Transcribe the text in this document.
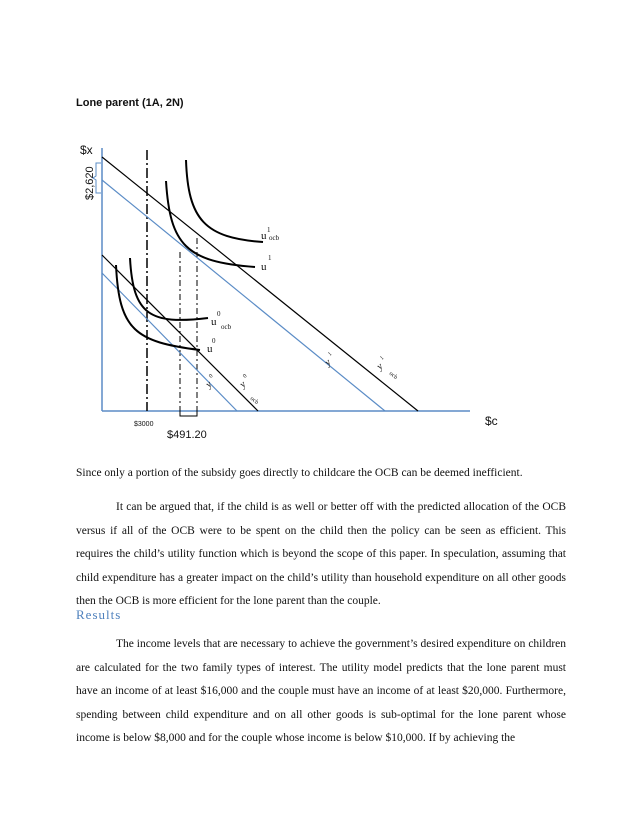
Lone parent (1A, 2N)
$x
$2,620
$c
$3000
$491.20
u 1
ocb
u
1
u
0
ocb
u
0
y
0
y
0
ocb
y
1
y
1
ocb

Since only a portion of the subsidy goes directly to childcare the OCB can be deemed inefficient.

It can be argued that, if the child is as well or better off with the predicted allocation of the OCB versus if all of the OCB were to be spent on the child then the policy can be seen as efficient. This requires the child’s utility function which is beyond the scope of this paper. In speculation, assuming that child expenditure has a greater impact on the child’s utility than household expenditure on all other goods then the OCB is more efficient for the lone parent than the couple.

Results

The income levels that are necessary to achieve the government’s desired expenditure on children are calculated for the two family types of interest. The utility model predicts that the lone parent must have an income of at least $16,000 and the couple must have an income of at least $20,000. Furthermore, spending between child expenditure and on all other goods is sub-optimal for the lone parent whose income is below $8,000 and for the couple whose income is below $10,000. If by achieving the
